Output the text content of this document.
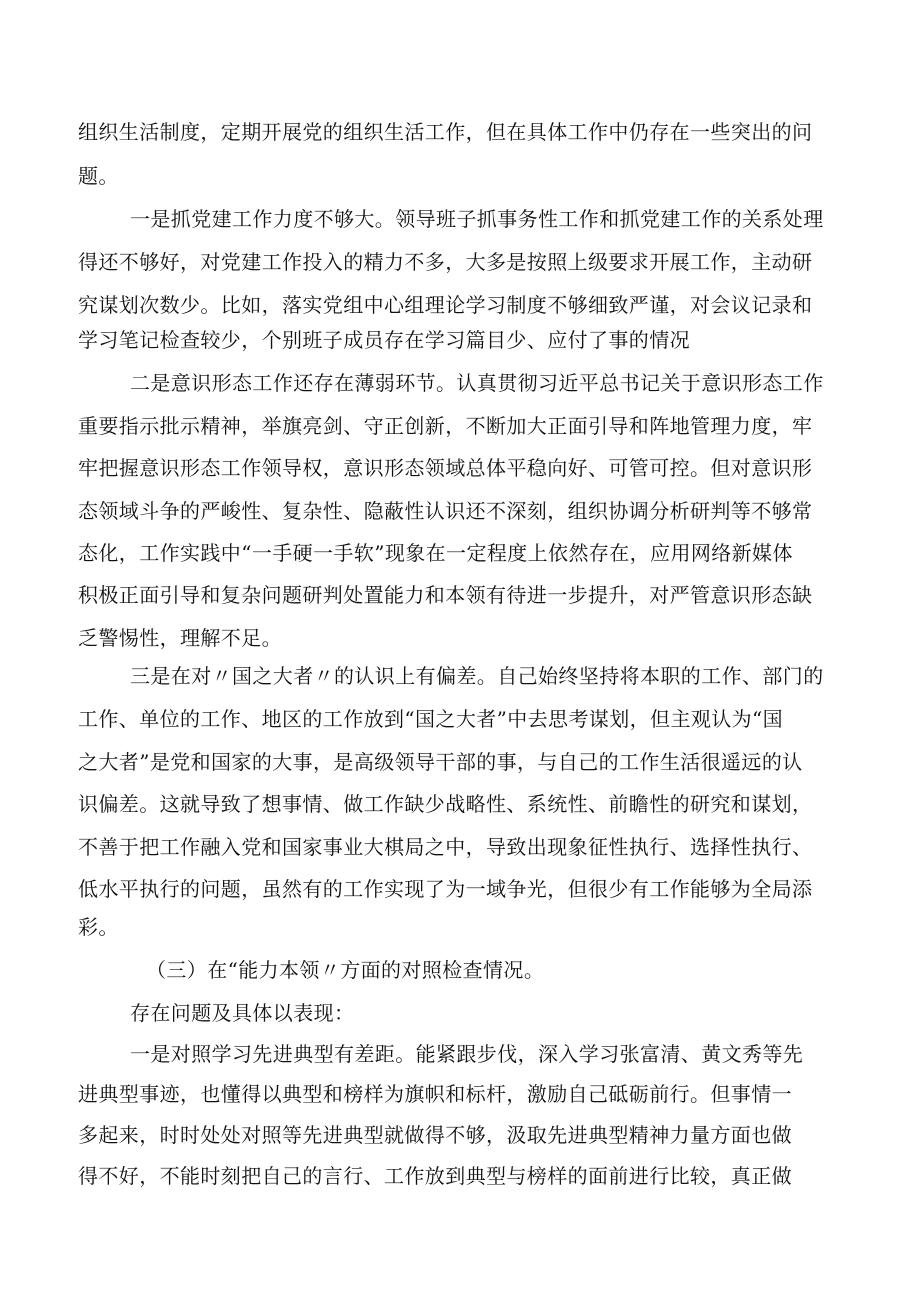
组织生活制度，定期开展党的组织生活工作，但在具体工作中仍存在一些突出的问
题。
一是抓党建工作力度不够大。领导班子抓事务性工作和抓党建工作的关系处理
得还不够好，对党建工作投入的精力不多，大多是按照上级要求开展工作，主动研
究谋划次数少。比如，落实党组中心组理论学习制度不够细致严谨，对会议记录和
学习笔记检查较少，个别班子成员存在学习篇目少、应付了事的情况
二是意识形态工作还存在薄弱环节。认真贯彻习近平总书记关于意识形态工作
重要指示批示精神，举旗亮剑、守正创新，不断加大正面引导和阵地管理力度，牢
牢把握意识形态工作领导权，意识形态领域总体平稳向好、可管可控。但对意识形
态领域斗争的严峻性、复杂性、隐蔽性认识还不深刻，组织协调分析研判等不够常
态化，工作实践中“一手硬一手软”现象在一定程度上依然存在，应用网络新媒体
积极正面引导和复杂问题研判处置能力和本领有待进一步提升，对严管意识形态缺
乏警惕性，理解不足。
三是在对〃国之大者〃的认识上有偏差。自己始终坚持将本职的工作、部门的
工作、单位的工作、地区的工作放到“国之大者”中去思考谋划，但主观认为“国
之大者”是党和国家的大事，是高级领导干部的事，与自己的工作生活很遥远的认
识偏差。这就导致了想事情、做工作缺少战略性、系统性、前瞻性的研究和谋划，
不善于把工作融入党和国家事业大棋局之中，导致出现象征性执行、选择性执行、
低水平执行的问题，虽然有的工作实现了为一域争光，但很少有工作能够为全局添
彩。
（三）在“能力本领〃方面的对照检查情况。
存在问题及具体以表现：
一是对照学习先进典型有差距。能紧跟步伐，深入学习张富清、黄文秀等先
进典型事迹，也懂得以典型和榜样为旗帜和标杆，激励自己砥砺前行。但事情一
多起来，时时处处对照等先进典型就做得不够，汲取先进典型精神力量方面也做
得不好，不能时刻把自己的言行、工作放到典型与榜样的面前进行比较，真正做
